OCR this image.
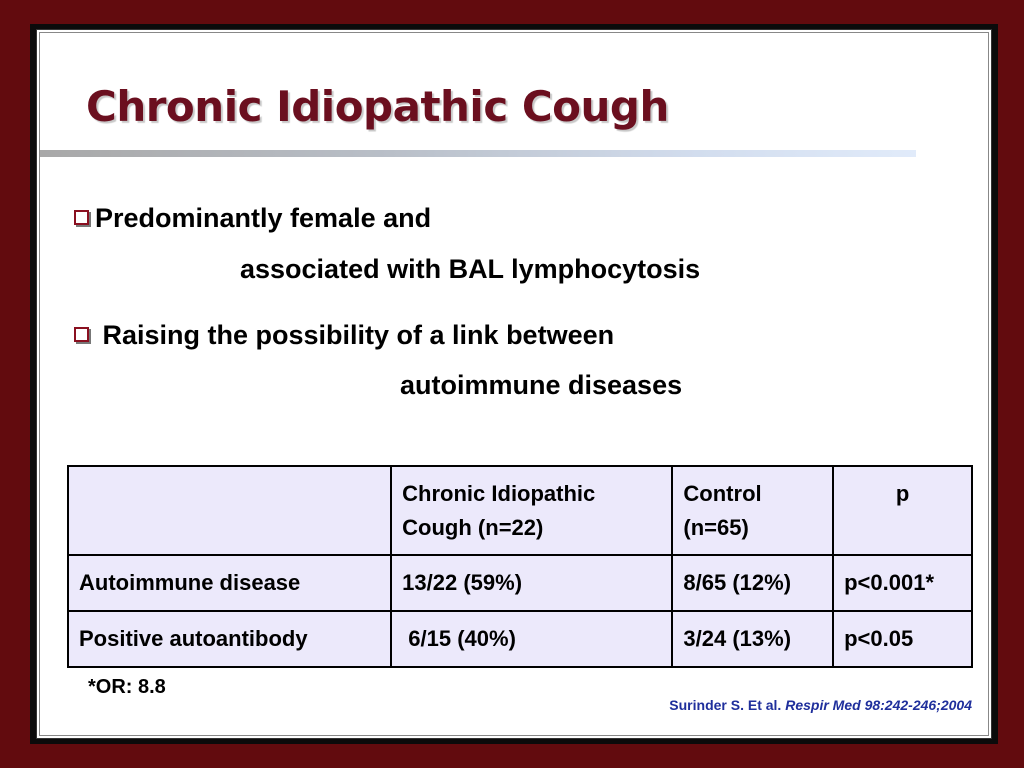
Chronic Idiopathic Cough
Predominantly female and
associated with BAL lymphocytosis
Raising the possibility of a link between
autoimmune diseases
	Chronic Idiopathic Cough (n=22)	Control (n=65)	p
Autoimmune disease	13/22 (59%)	8/65 (12%)	p<0.001*
Positive autoantibody	6/15 (40%)	3/24 (13%)	p<0.05
*OR: 8.8
Surinder S. Et al. Respir Med 98:242-246;2004
